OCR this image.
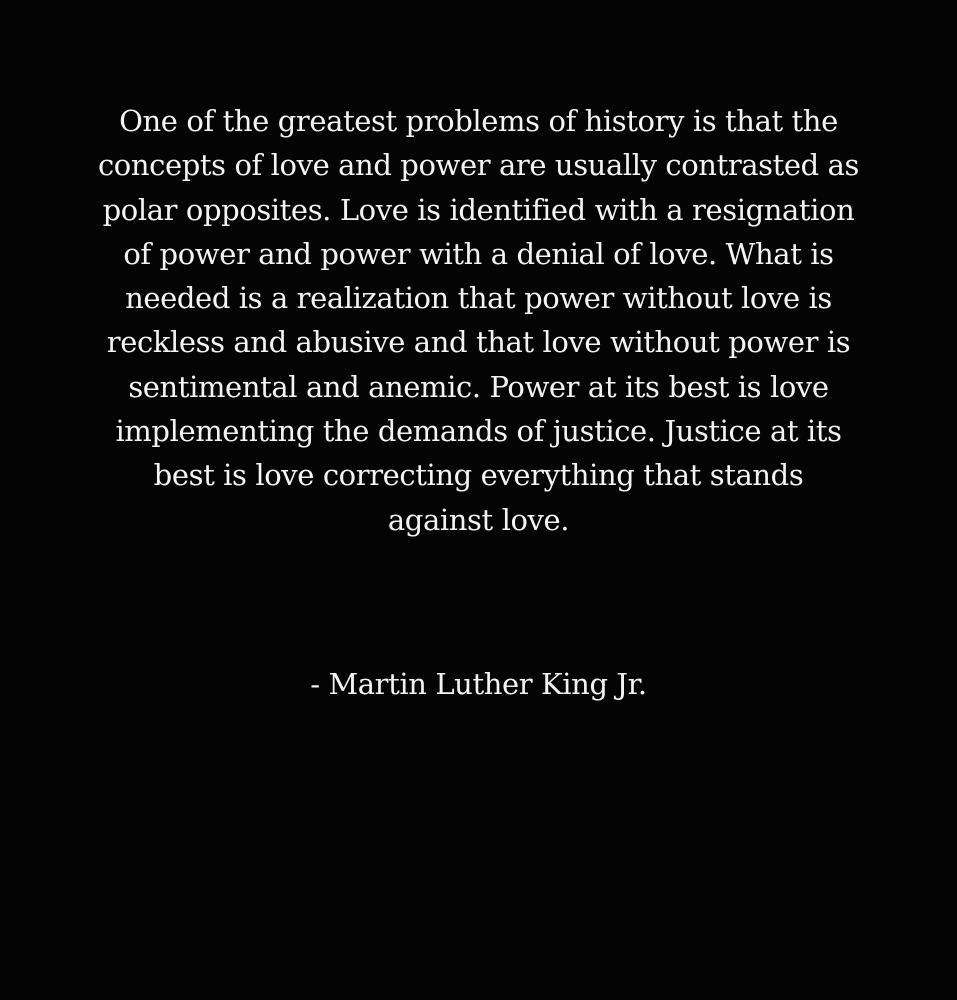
One of the greatest problems of history is that the
concepts of love and power are usually contrasted as
polar opposites. Love is identified with a resignation
of power and power with a denial of love. What is
needed is a realization that power without love is
reckless and abusive and that love without power is
sentimental and anemic. Power at its best is love
implementing the demands of justice. Justice at its
best is love correcting everything that stands
against love.

- Martin Luther King Jr.
